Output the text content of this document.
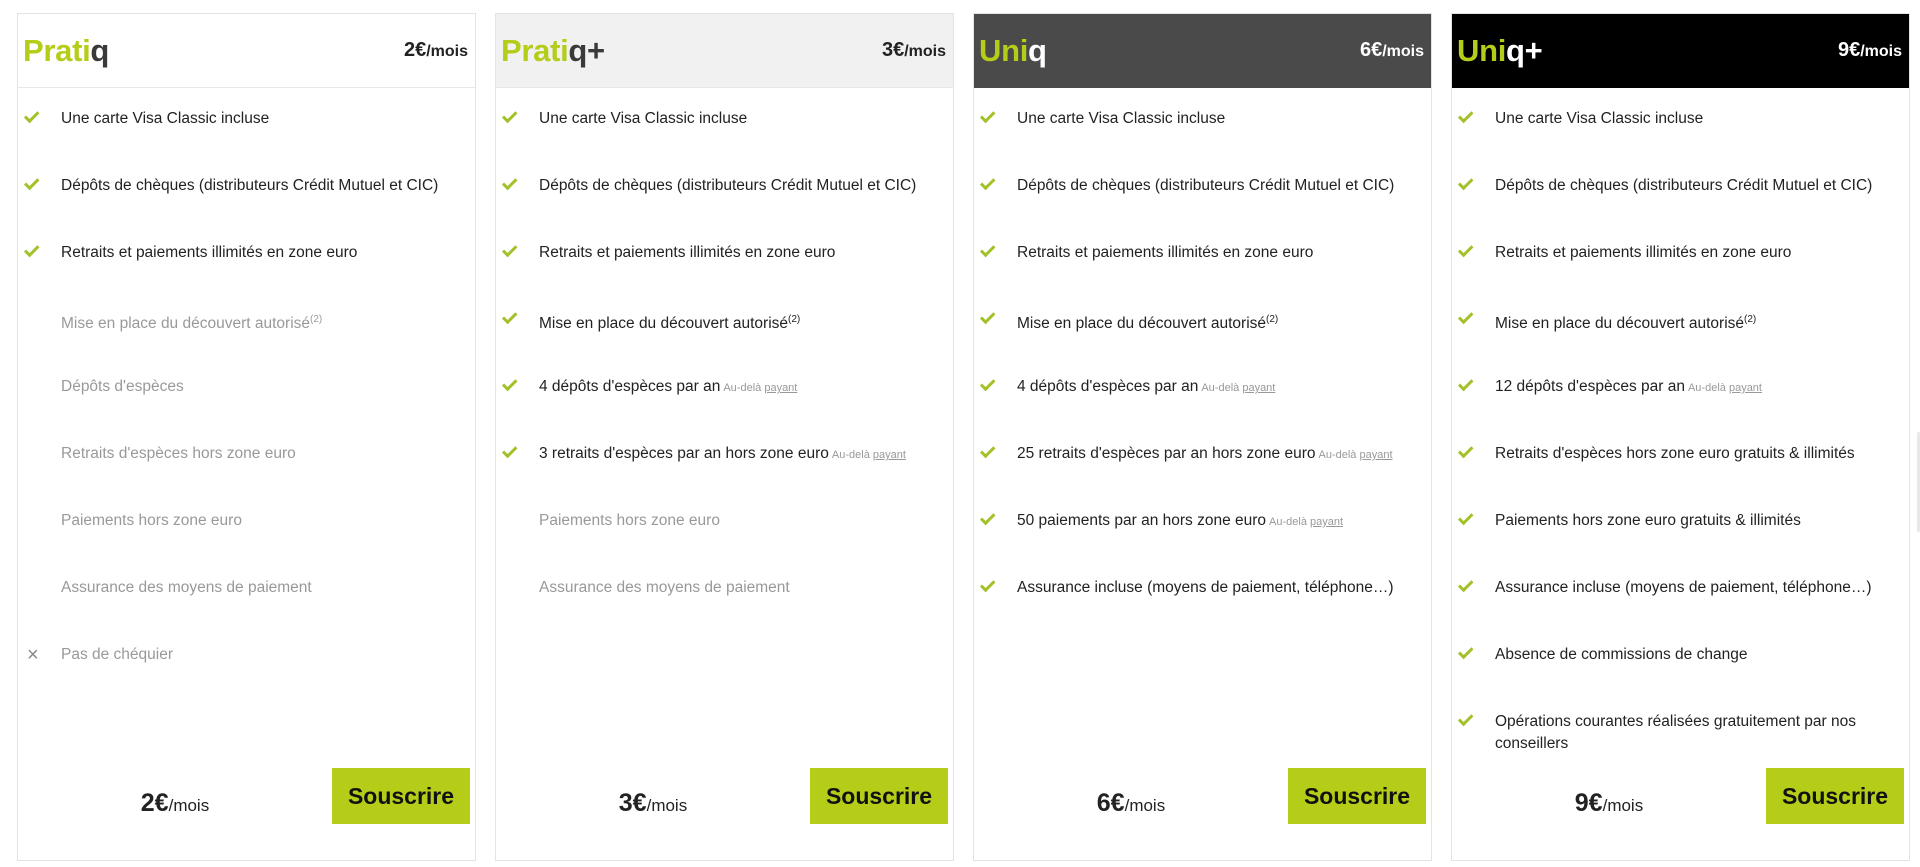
Pratiq	2€/mois
Une carte Visa Classic incluse
Dépôts de chèques (distributeurs Crédit Mutuel et CIC)
Retraits et paiements illimités en zone euro
Mise en place du découvert autorisé$^{(2)}$
Dépôts d'espèces
Retraits d'espèces hors zone euro
Paiements hors zone euro
Assurance des moyens de paiement
× Pas de chéquier
2€/mois	Souscrire
Pratiq+	3€/mois
Une carte Visa Classic incluse
Dépôts de chèques (distributeurs Crédit Mutuel et CIC)
Retraits et paiements illimités en zone euro
Mise en place du découvert autorisé$^{(2)}$
4 dépôts d'espèces par an Au-delà payant
3 retraits d'espèces par an hors zone euro Au-delà payant
Paiements hors zone euro
Assurance des moyens de paiement
3€/mois	Souscrire
Uniq	6€/mois
Une carte Visa Classic incluse
Dépôts de chèques (distributeurs Crédit Mutuel et CIC)
Retraits et paiements illimités en zone euro
Mise en place du découvert autorisé$^{(2)}$
4 dépôts d'espèces par an Au-delà payant
25 retraits d'espèces par an hors zone euro Au-delà payant
50 paiements par an hors zone euro Au-delà payant
Assurance incluse (moyens de paiement, téléphone…)
6€/mois	Souscrire
Uniq+	9€/mois
Une carte Visa Classic incluse
Dépôts de chèques (distributeurs Crédit Mutuel et CIC)
Retraits et paiements illimités en zone euro
Mise en place du découvert autorisé$^{(2)}$
12 dépôts d'espèces par an Au-delà payant
Retraits d'espèces hors zone euro gratuits & illimités
Paiements hors zone euro gratuits & illimités
Assurance incluse (moyens de paiement, téléphone…)
Absence de commissions de change
Opérations courantes réalisées gratuitement par nos conseillers
9€/mois	Souscrire
